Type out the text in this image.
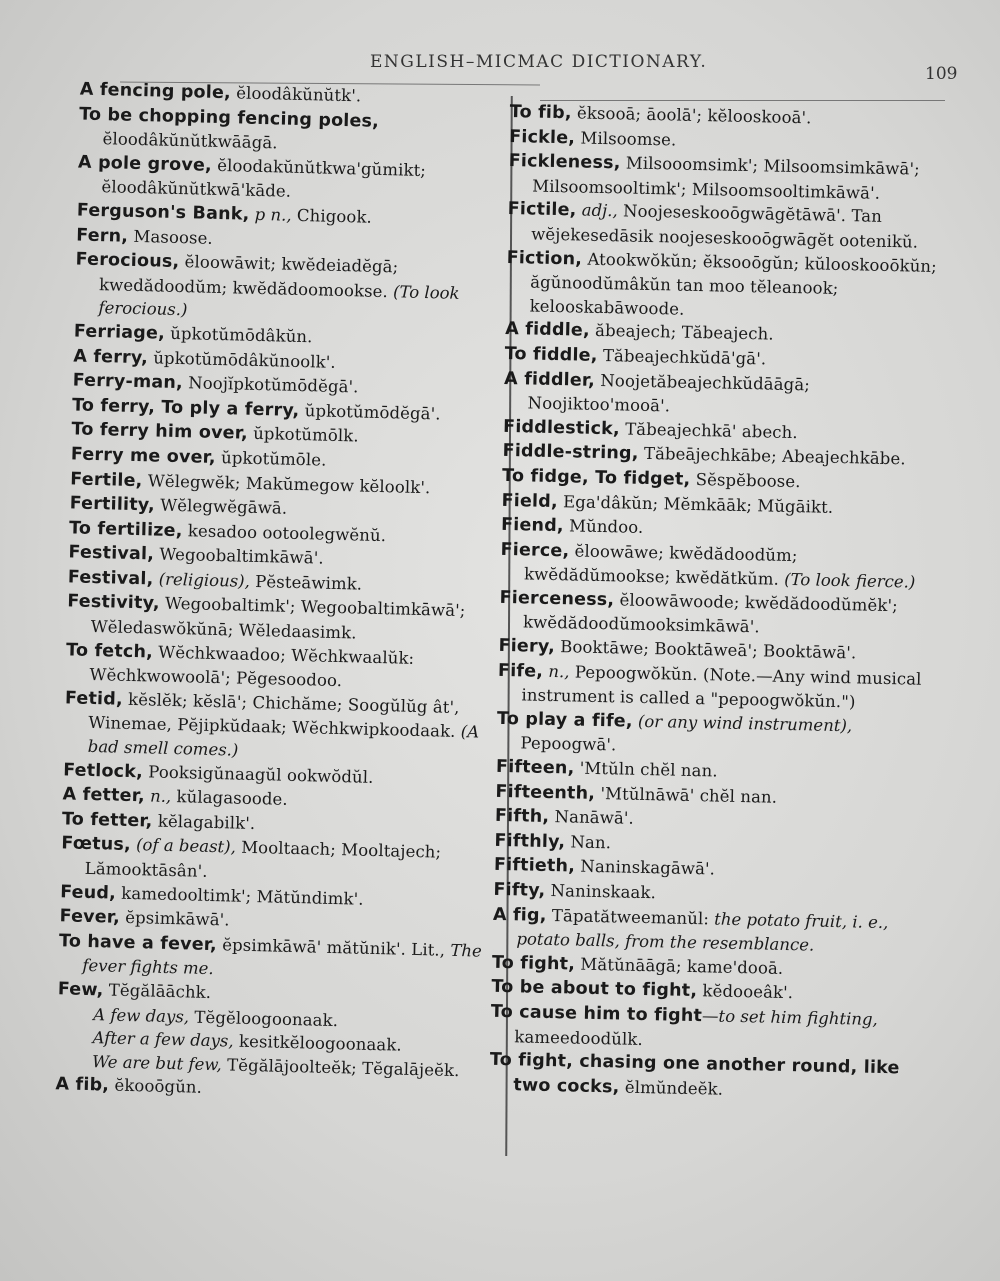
ENGLISH–MICMAC DICTIONARY.
109
A fencing pole, ĕloodâkŭnŭtk'.
To be chopping fencing poles, ĕloodâkŭnŭtkwāāgā.
A pole grove, ĕloodakŭnŭtkwa'gŭmikt; ĕloodâkŭnŭtkwā'kāde.
Ferguson's Bank, p n., Chigook.
Fern, Masoose.
Ferocious, ĕloowāwit; kwĕdeiadĕgā; kwedădoodŭm; kwĕdădoomookse. (To look ferocious.)
Ferriage, ŭpkotŭmōdâkŭn.
A ferry, ŭpkotŭmōdâkŭnoolk'.
Ferry-man, Noojĭpkotŭmōdĕgā'.
To ferry, To ply a ferry, ŭpkotŭmōdĕgā'.
To ferry him over, ŭpkotŭmōlk.
Ferry me over, ŭpkotŭmōle.
Fertile, Wĕlegwĕk; Makŭmegow kĕloolk'.
Fertility, Wĕlegwĕgāwā.
To fertilize, kesadoo ootoolegwĕnŭ.
Festival, Wegoobaltimkāwā'.
Festival, (religious), Pĕsteāwimk.
Festivity, Wegoobaltimk'; Wegoobaltimkāwā'; Wĕledaswŏkŭnā; Wĕledaasimk.
To fetch, Wĕchkwaadoo; Wĕchkwaalŭk: Wĕchkwowoolā'; Pĕgesoodoo.
Fetid, kĕslĕk; kĕslā'; Chichăme; Soogŭlŭg ât', Winemae, Pĕjipkŭdaak; Wĕchkwipkoodaak. (A bad smell comes.)
Fetlock, Pooksigŭnaagŭl ookwŏdŭl.
A fetter, n., kŭlagasoode.
To fetter, kĕlagabilk'.
Fœtus, (of a beast), Mooltaach; Mooltajech; Lămooktāsân'.
Feud, kamedooltimk'; Mătŭndimk'.
Fever, ĕpsimkāwā'.
To have a fever, ĕpsimkāwā' mătŭnik'. Lit., The fever fights me.
Few, Tĕgălāāchk.
A few days, Tĕgĕloogoonaak.
After a few days, kesitkĕloogoonaak.
We are but few, Tĕgălājoolteĕk; Tĕgalājeĕk.
A fib, ĕkooōgŭn.
To fib, ĕksooā; āoolā'; kĕlooskooā'.
Fickle, Milsoomse.
Fickleness, Milsooomsimk'; Milsoomsimkāwā'; Milsoomsooltimk'; Milsoomsooltimkāwā'.
Fictile, adj., Noojeseskooōgwāgĕtāwā'. Tan wĕjekesedāsik noojeseskooōgwāgĕt ootenikŭ.
Fiction, Atookwŏkŭn; ĕksooōgŭn; kŭlooskooōkŭn; ăgŭnoodŭmâkŭn tan moo tĕleanook; kelooskabāwoode.
A fiddle, ăbeajech; Tăbeajech.
To fiddle, Tăbeajechkŭdā'gā'.
A fiddler, Noojetăbeajechkŭdāāgā; Noojiktoo'mooā'.
Fiddlestick, Tăbeajechkā' abech.
Fiddle-string, Tăbeājechkābe; Abeajechkābe.
To fidge, To fidget, Sĕspĕboose.
Field, Ega'dâkŭn; Mĕmkāāk; Mŭgāikt.
Fiend, Mŭndoo.
Fierce, ĕloowāwe; kwĕdădoodŭm; kwĕdădŭmookse; kwĕdătkŭm. (To look fierce.)
Fierceness, ĕloowāwoode; kwĕdădoodŭmĕk'; kwĕdădoodŭmooksimkāwā'.
Fiery, Booktāwe; Booktāweā'; Booktāwā'.
Fife, n., Pepoogwŏkŭn. (Note.—Any wind musical instrument is called a "pepoogwŏkŭn.")
To play a fife, (or any wind instrument), Pepoogwā'.
Fifteen, 'Mtŭln chĕl nan.
Fifteenth, 'Mtŭlnāwā' chĕl nan.
Fifth, Nanāwā'.
Fifthly, Nan.
Fiftieth, Naninskagāwā'.
Fifty, Naninskaak.
A fig, Tāpatătweemanŭl: the potato fruit, i. e., potato balls, from the resemblance.
To fight, Mătŭnāāgā; kame'dooā.
To be about to fight, kĕdooeâk'.
To cause him to fight—to set him fighting, kameedoodŭlk.
To fight, chasing one another round, like two cocks, ĕlmŭndeĕk.
